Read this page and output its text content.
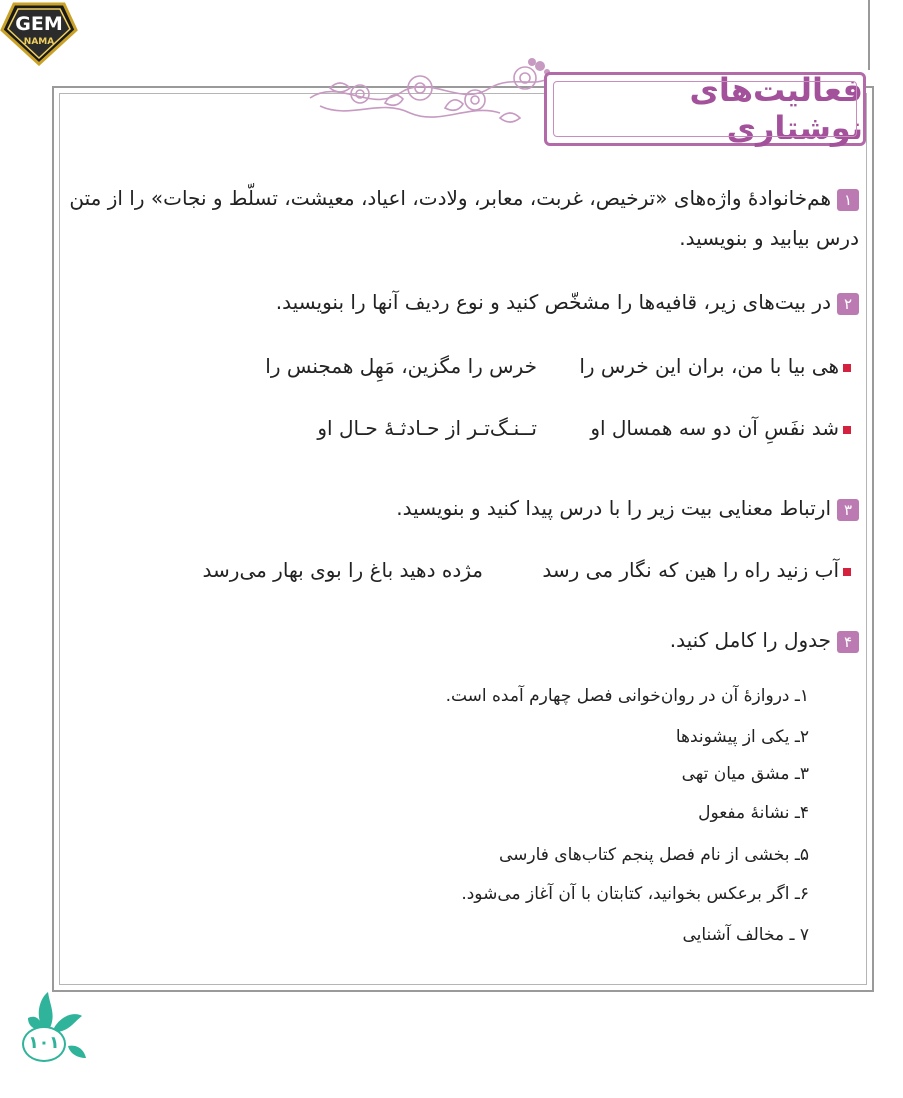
GEM
NAMA
فعالیت‌های نوشتاری
۱هم‌خانوادهٔ واژه‌های «ترخیص، غربت، معابر، ولادت، اعیاد، معیشت، تسلّط و نجات» را از متن درس بیابید و بنویسید.
۲در بیت‌های زیر، قافیه‌ها را مشخّص کنید و نوع ردیف آنها را بنویسید.
هی بیا با من، بران این خرس را
خرس را مگزین، مَهِل همجنس را
شد نفَسِ آن دو سه همسال او
تــنـگ‌تـر از حـادثـهٔ حـال او
۳ارتباط معنایی بیت زیر را با درس پیدا کنید و بنویسید.
آب زنید راه را هین که نگار می رسد
مژده دهید باغ را بوی بهار می‌رسد
۴جدول را کامل کنید.
۱ـ دروازهٔ آن در روان‌خوانی فصل چهارم آمده است.
۲ـ یکی از پیشوندها
۳ـ مشق میان تهی
۴ـ نشانهٔ مفعول
۵ـ بخشی از نام فصل پنجم کتاب‌های فارسی
۶ـ اگر برعکس بخوانید، کتابتان با آن آغاز می‌شود.
۷ ـ مخالف آشنایی
۱۰۱
